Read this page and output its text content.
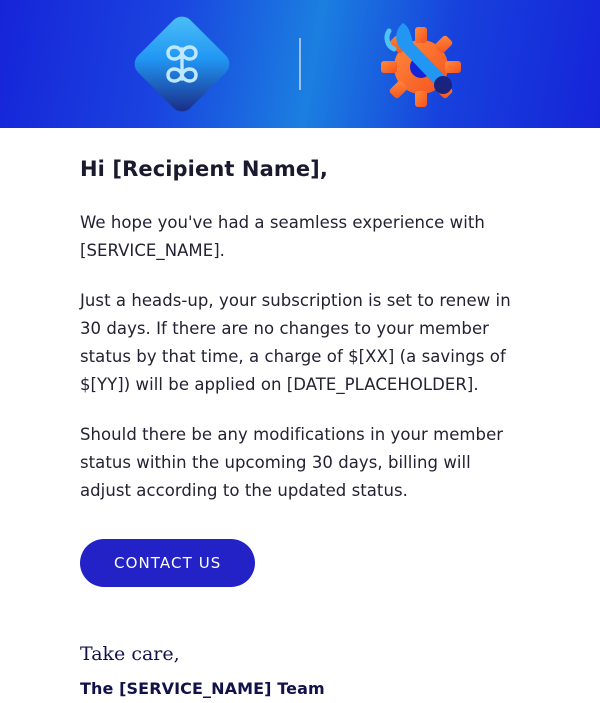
Hi [Recipient Name],

We hope you've had a seamless experience with [SERVICE_NAME].

Just a heads-up, your subscription is set to renew in 30 days. If there are no changes to your member status by that time, a charge of $[XX] (a savings of $[YY]) will be applied on [DATE_PLACEHOLDER].

Should there be any modifications in your member status within the upcoming 30 days, billing will adjust according to the updated status.

CONTACT US

Take care,

The [SERVICE_NAME] Team
